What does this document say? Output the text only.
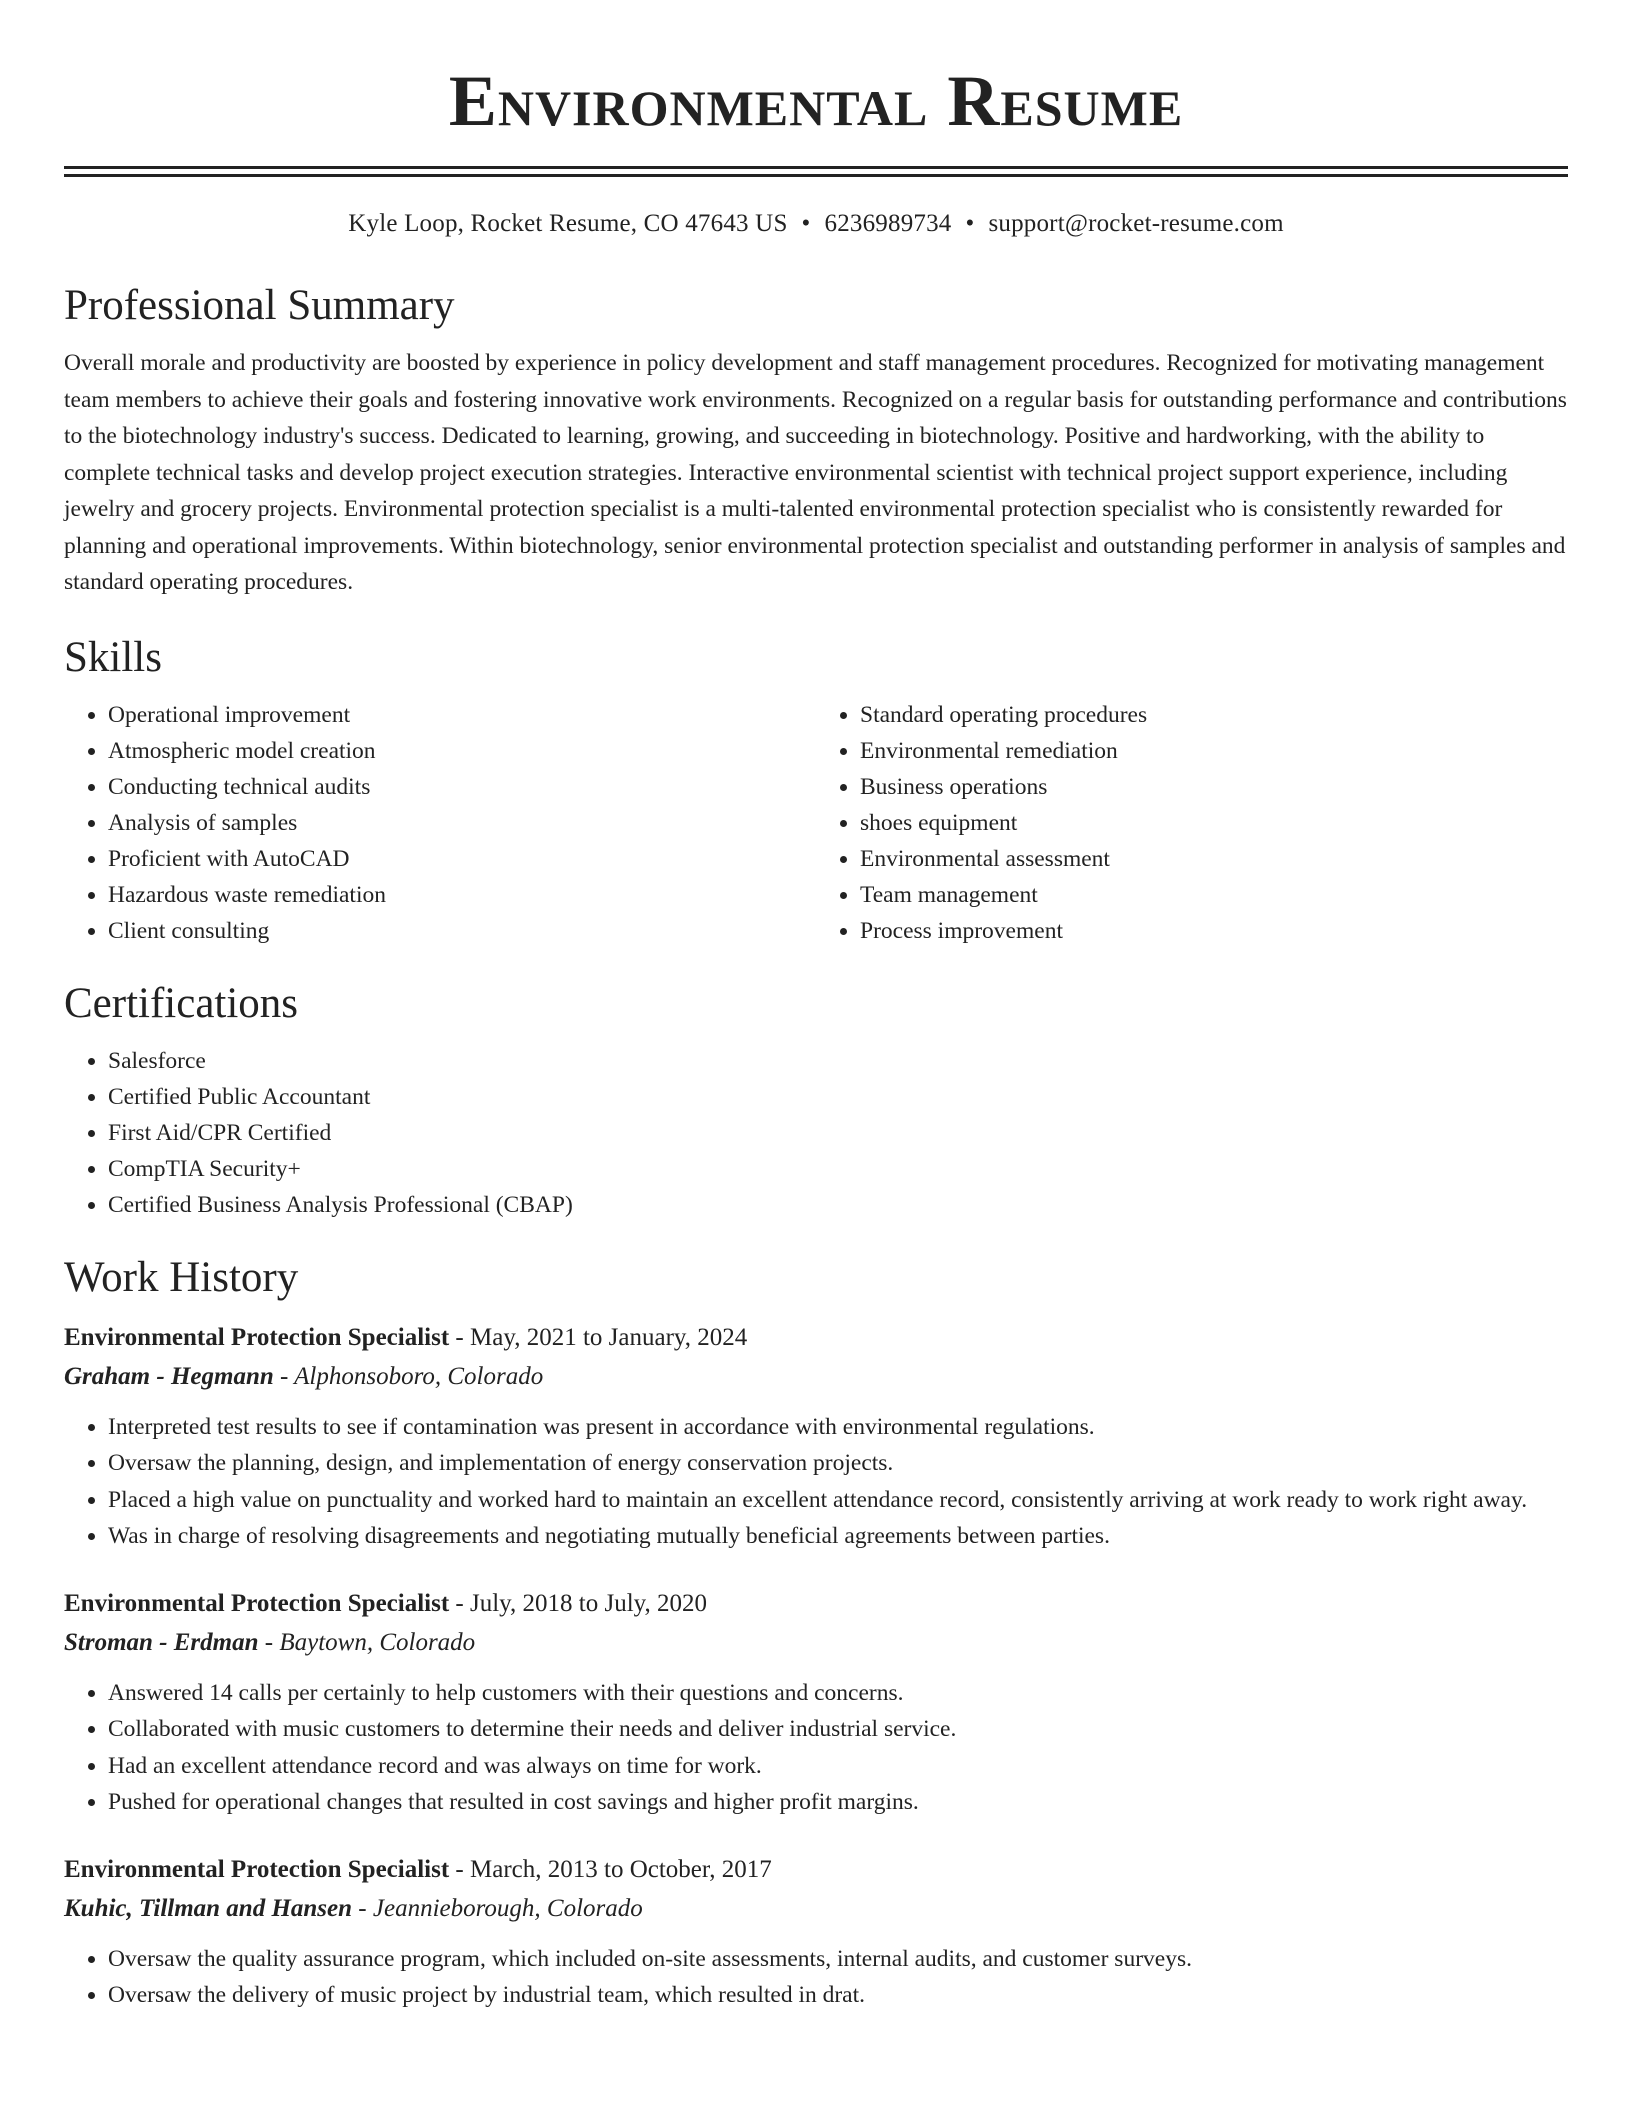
Environmental Resume
Kyle Loop, Rocket Resume, CO 47643 US • 6236989734 • support@rocket-resume.com
Professional Summary

Overall morale and productivity are boosted by experience in policy development and staff management procedures. Recognized for motivating management team members to achieve their goals and fostering innovative work environments. Recognized on a regular basis for outstanding performance and contributions to the biotechnology industry's success. Dedicated to learning, growing, and succeeding in biotechnology. Positive and hardworking, with the ability to complete technical tasks and develop project execution strategies. Interactive environmental scientist with technical project support experience, including jewelry and grocery projects. Environmental protection specialist is a multi-talented environmental protection specialist who is consistently rewarded for planning and operational improvements. Within biotechnology, senior environmental protection specialist and outstanding performer in analysis of samples and standard operating procedures.

Skills
• Operational improvement
• Atmospheric model creation
• Conducting technical audits
• Analysis of samples
• Proficient with AutoCAD
• Hazardous waste remediation
• Client consulting
• Standard operating procedures
• Environmental remediation
• Business operations
• shoes equipment
• Environmental assessment
• Team management
• Process improvement
Certifications
• Salesforce
• Certified Public Accountant
• First Aid/CPR Certified
• CompTIA Security+
• Certified Business Analysis Professional (CBAP)
Work History
Environmental Protection Specialist - May, 2021 to January, 2024
Graham - Hegmann - Alphonsoboro, Colorado
• Interpreted test results to see if contamination was present in accordance with environmental regulations.
• Oversaw the planning, design, and implementation of energy conservation projects.
• Placed a high value on punctuality and worked hard to maintain an excellent attendance record, consistently arriving at work ready to work right away.
• Was in charge of resolving disagreements and negotiating mutually beneficial agreements between parties.
Environmental Protection Specialist - July, 2018 to July, 2020
Stroman - Erdman - Baytown, Colorado
• Answered 14 calls per certainly to help customers with their questions and concerns.
• Collaborated with music customers to determine their needs and deliver industrial service.
• Had an excellent attendance record and was always on time for work.
• Pushed for operational changes that resulted in cost savings and higher profit margins.
Environmental Protection Specialist - March, 2013 to October, 2017
Kuhic, Tillman and Hansen - Jeannieborough, Colorado
• Oversaw the quality assurance program, which included on-site assessments, internal audits, and customer surveys.
• Oversaw the delivery of music project by industrial team, which resulted in drat.
